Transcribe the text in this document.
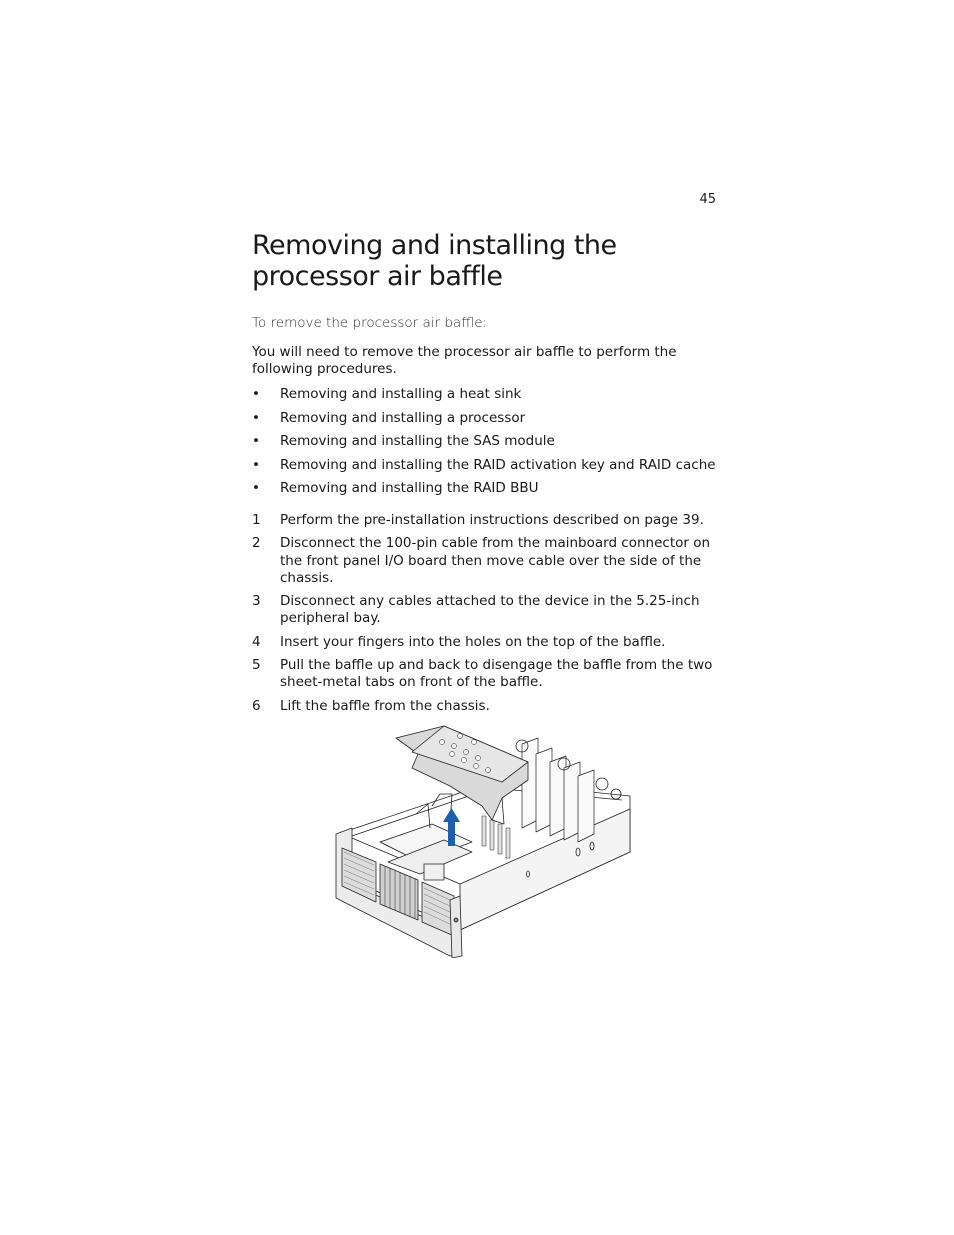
45
Removing and installing the processor air baffle
To remove the processor air baffle:
You will need to remove the processor air baffle to perform the following procedures.
• Removing and installing a heat sink
• Removing and installing a processor
• Removing and installing the SAS module
• Removing and installing the RAID activation key and RAID cache
• Removing and installing the RAID BBU
1 Perform the pre-installation instructions described on page 39.
2 Disconnect the 100-pin cable from the mainboard connector on the front panel I/O board then move cable over the side of the chassis.
3 Disconnect any cables attached to the device in the 5.25-inch peripheral bay.
4 Insert your fingers into the holes on the top of the baffle.
5 Pull the baffle up and back to disengage the baffle from the two sheet-metal tabs on front of the baffle.
6 Lift the baffle from the chassis.
